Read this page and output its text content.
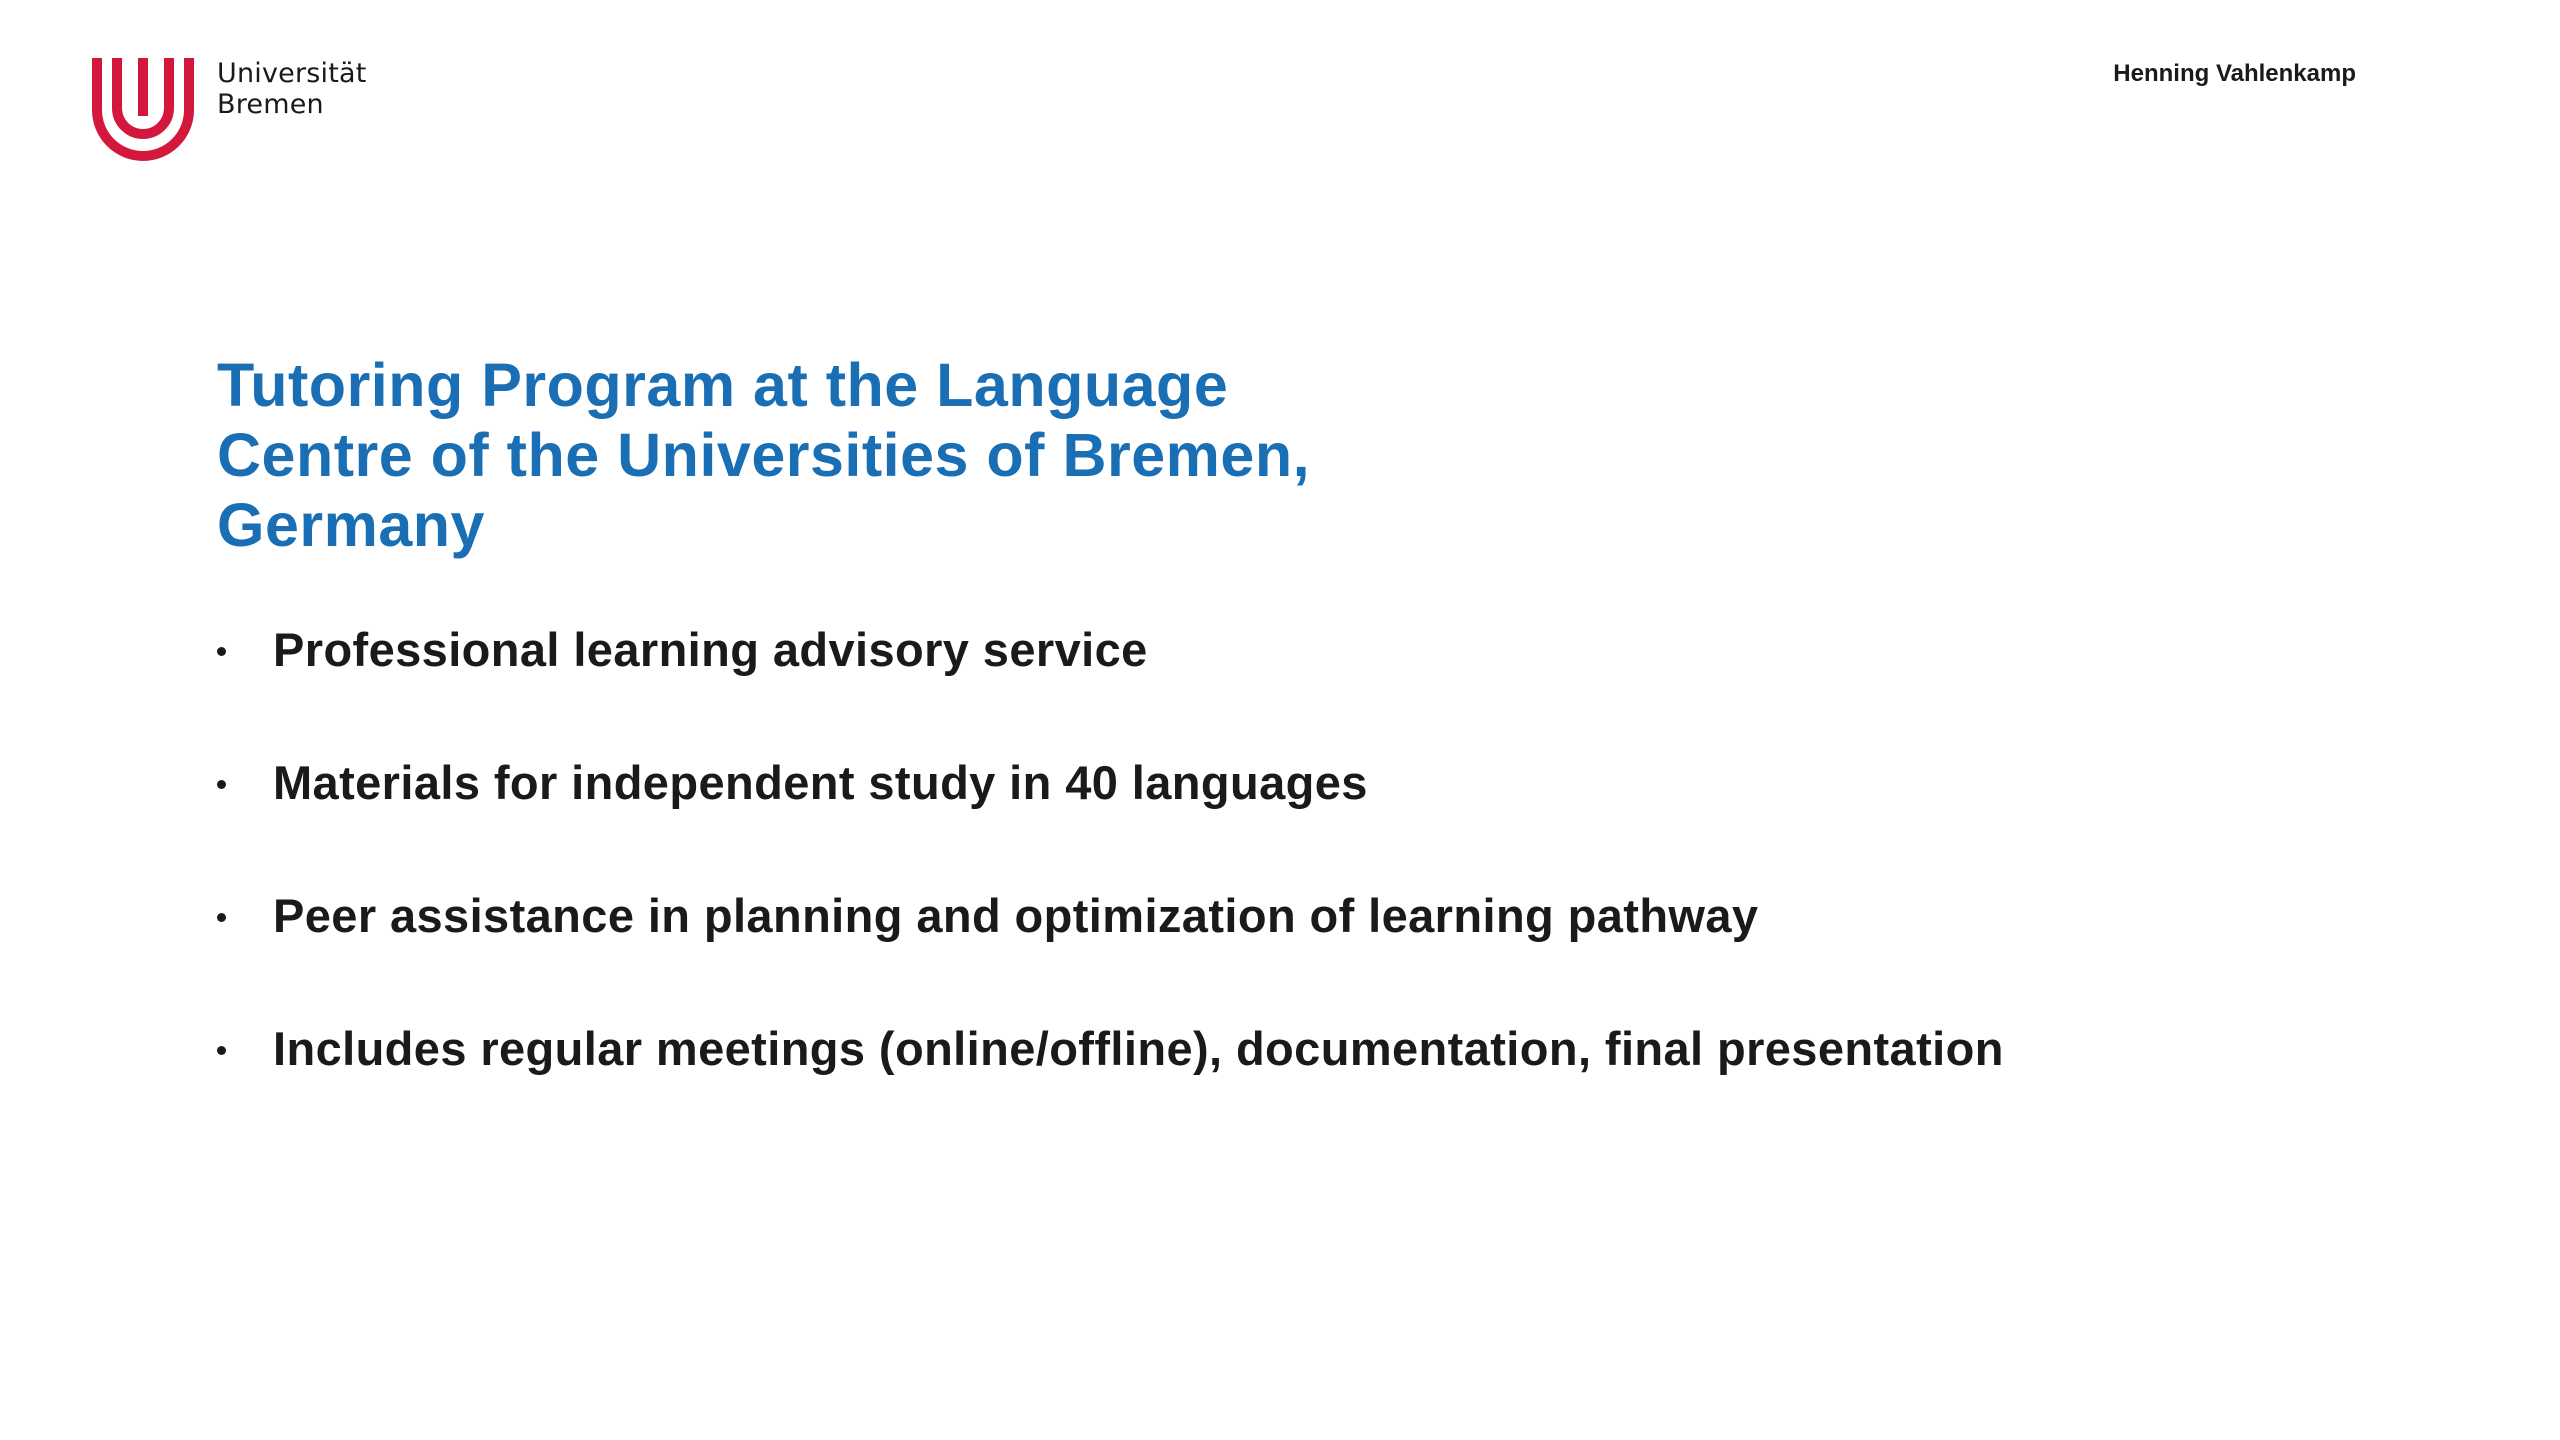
Universität
Bremen
Henning Vahlenkamp
Tutoring Program at the Language
Centre of the Universities of Bremen,
Germany
Professional learning advisory service
Materials for independent study in 40 languages
Peer assistance in planning and optimization of learning pathway
Includes regular meetings (online/offline), documentation, final presentation
